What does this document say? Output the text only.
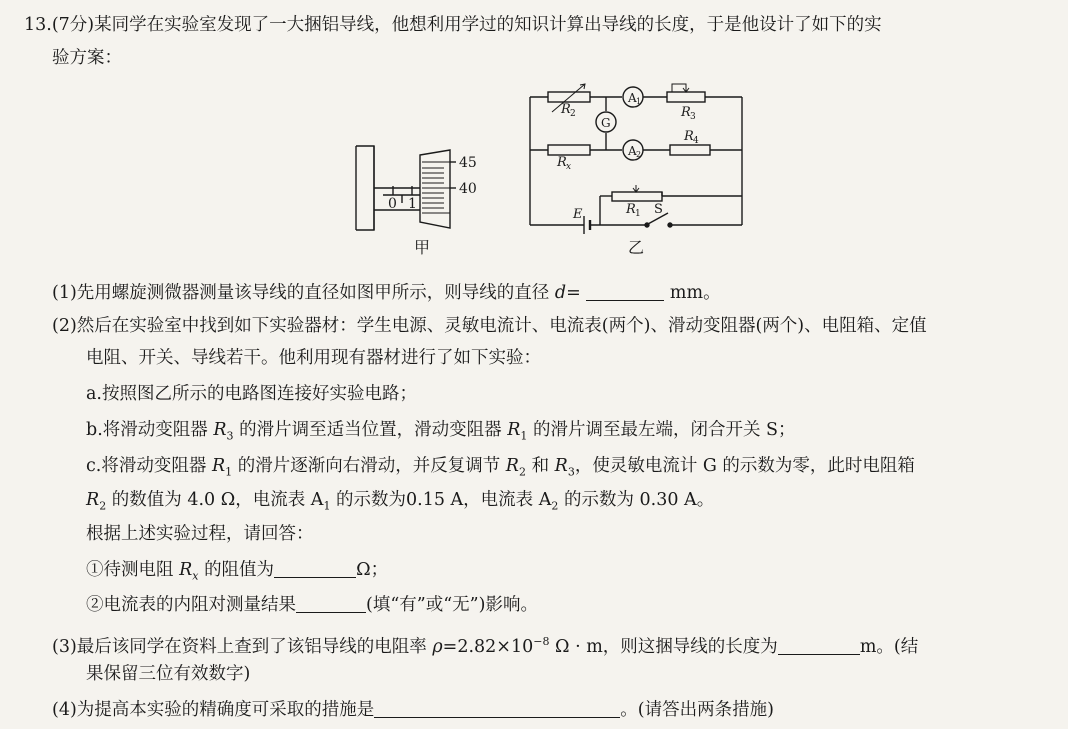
13.(7分)某同学在实验室发现了一大捆铝导线，他想利用学过的知识计算出导线的长度，于是他设计了如下的实
验方案：
45
40
0 1
甲
R 2
A 1
R 3
G
R 4
R x
A 2
R 1 S
E
乙
(1)先用螺旋测微器测量该导线的直径如图甲所示，则导线的直径 d=	mm。
(2)然后在实验室中找到如下实验器材：学生电源、灵敏电流计、电流表(两个)、滑动变阻器(两个)、电阻箱、定值
电阻、开关、导线若干。他利用现有器材进行了如下实验：
a.按照图乙所示的电路图连接好实验电路；
b.将滑动变阻器 $R_3$ 的滑片调至适当位置，滑动变阻器 $R_1$ 的滑片调至最左端，闭合开关 S；
c.将滑动变阻器 $R_1$ 的滑片逐渐向右滑动，并反复调节 $R_2$ 和 $R_3$，使灵敏电流计 G 的示数为零，此时电阻箱
$R_2$ 的数值为 4.0 Ω，电流表 $A_1$ 的示数为0.15 A，电流表 $A_2$ 的示数为 0.30 A。
根据上述实验过程，请回答：
①待测电阻 $R_x$ 的阻值为	Ω；
②电流表的内阻对测量结果	(填“有”或“无”)影响。
(3)最后该同学在资料上查到了该铝导线的电阻率 $\rho=2.82\times 10^{-8}$ Ω · m，则这捆导线的长度为	m。(结
果保留三位有效数字)
(4)为提高本实验的精确度可采取的措施是	。(请答出两条措施)
